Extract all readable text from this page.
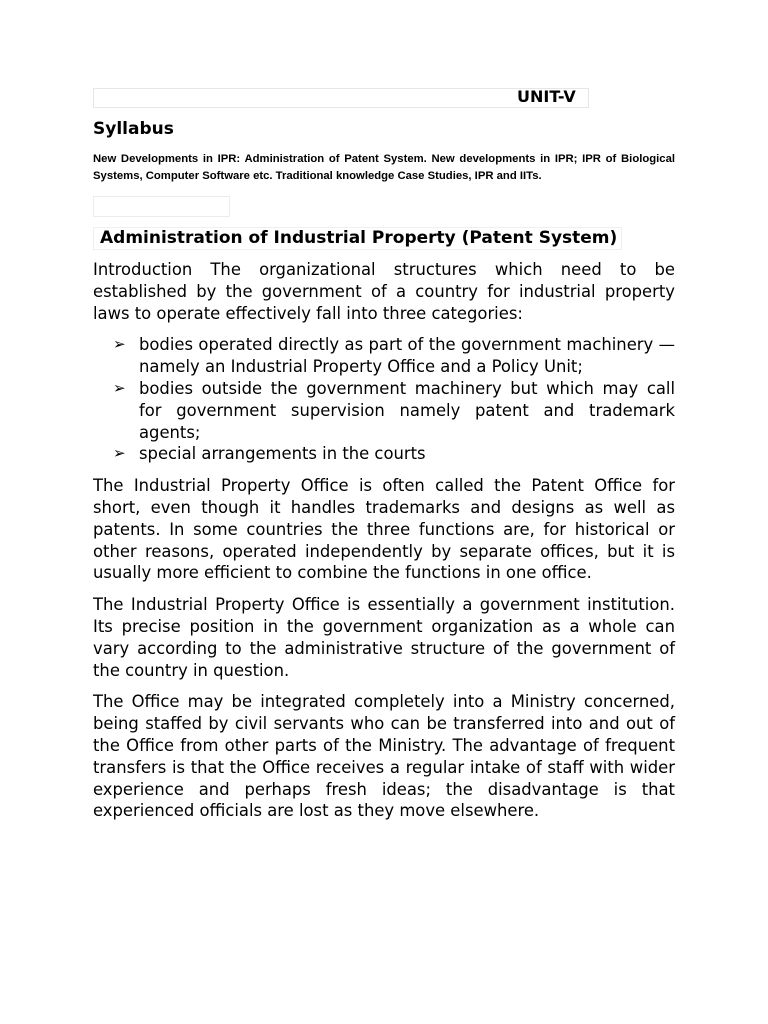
UNIT-V
Syllabus
New Developments in IPR: Administration of Patent System. New developments in IPR; IPR of Biological Systems, Computer Software etc. Traditional knowledge Case Studies, IPR and IITs.
Administration of Industrial Property (Patent System)

Introduction The organizational structures which need to be established by the government of a country for industrial property laws to operate effectively fall into three categories:

➢ bodies operated directly as part of the government machinery —namely an Industrial Property Office and a Policy Unit;
➢ bodies outside the government machinery but which may call for government supervision namely patent and trademark agents;
➢ special arrangements in the courts

The Industrial Property Office is often called the Patent Office for short, even though it handles trademarks and designs as well as patents. In some countries the three functions are, for historical or other reasons, operated independently by separate offices, but it is usually more efficient to combine the functions in one office.

The Industrial Property Office is essentially a government institution. Its precise position in the government organization as a whole can vary according to the administrative structure of the government of the country in question.

The Office may be integrated completely into a Ministry concerned, being staffed by civil servants who can be transferred into and out of the Office from other parts of the Ministry. The advantage of frequent transfers is that the Office receives a regular intake of staff with wider experience and perhaps fresh ideas; the disadvantage is that experienced officials are lost as they move elsewhere.
